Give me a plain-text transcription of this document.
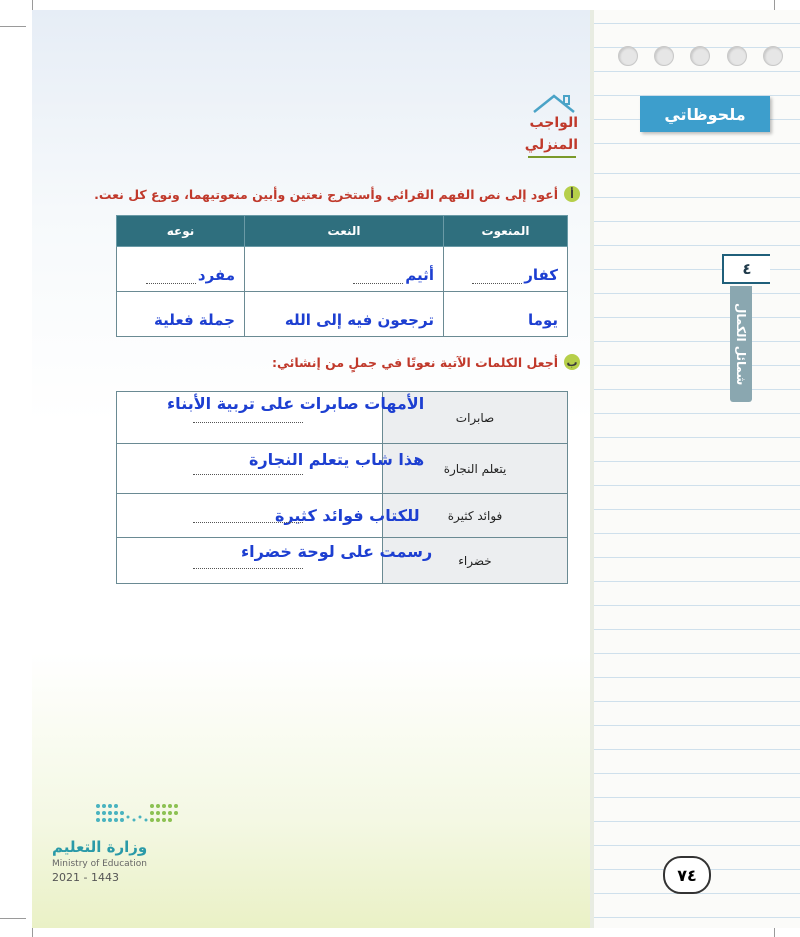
ملحوظاتي
٤
شمائل الكمال
٧٤
الواجب
المنزلي
أ
أعود إلى نص الفهم القرائي وأستخرج نعتين وأبين منعوتيهما، ونوع كل نعت.
المنعوت	النعت	نوعه

كفار	أثيم	مفرد

يوما	ترجعون فيه إلى الله	جملة فعلية
ب
أجعل الكلمات الآتية نعوتًا في جملٍ من إنشائي:
صابرات	الأمهات صابرات على تربية الأبناء

يتعلم النجارة	هذا شاب يتعلم النجارة

فوائد كثيرة	للكتاب فوائد كثيرة

خضراء	رسمت على لوحة خضراء
وزارة التعليم
Ministry of Education
2021 - 1443
